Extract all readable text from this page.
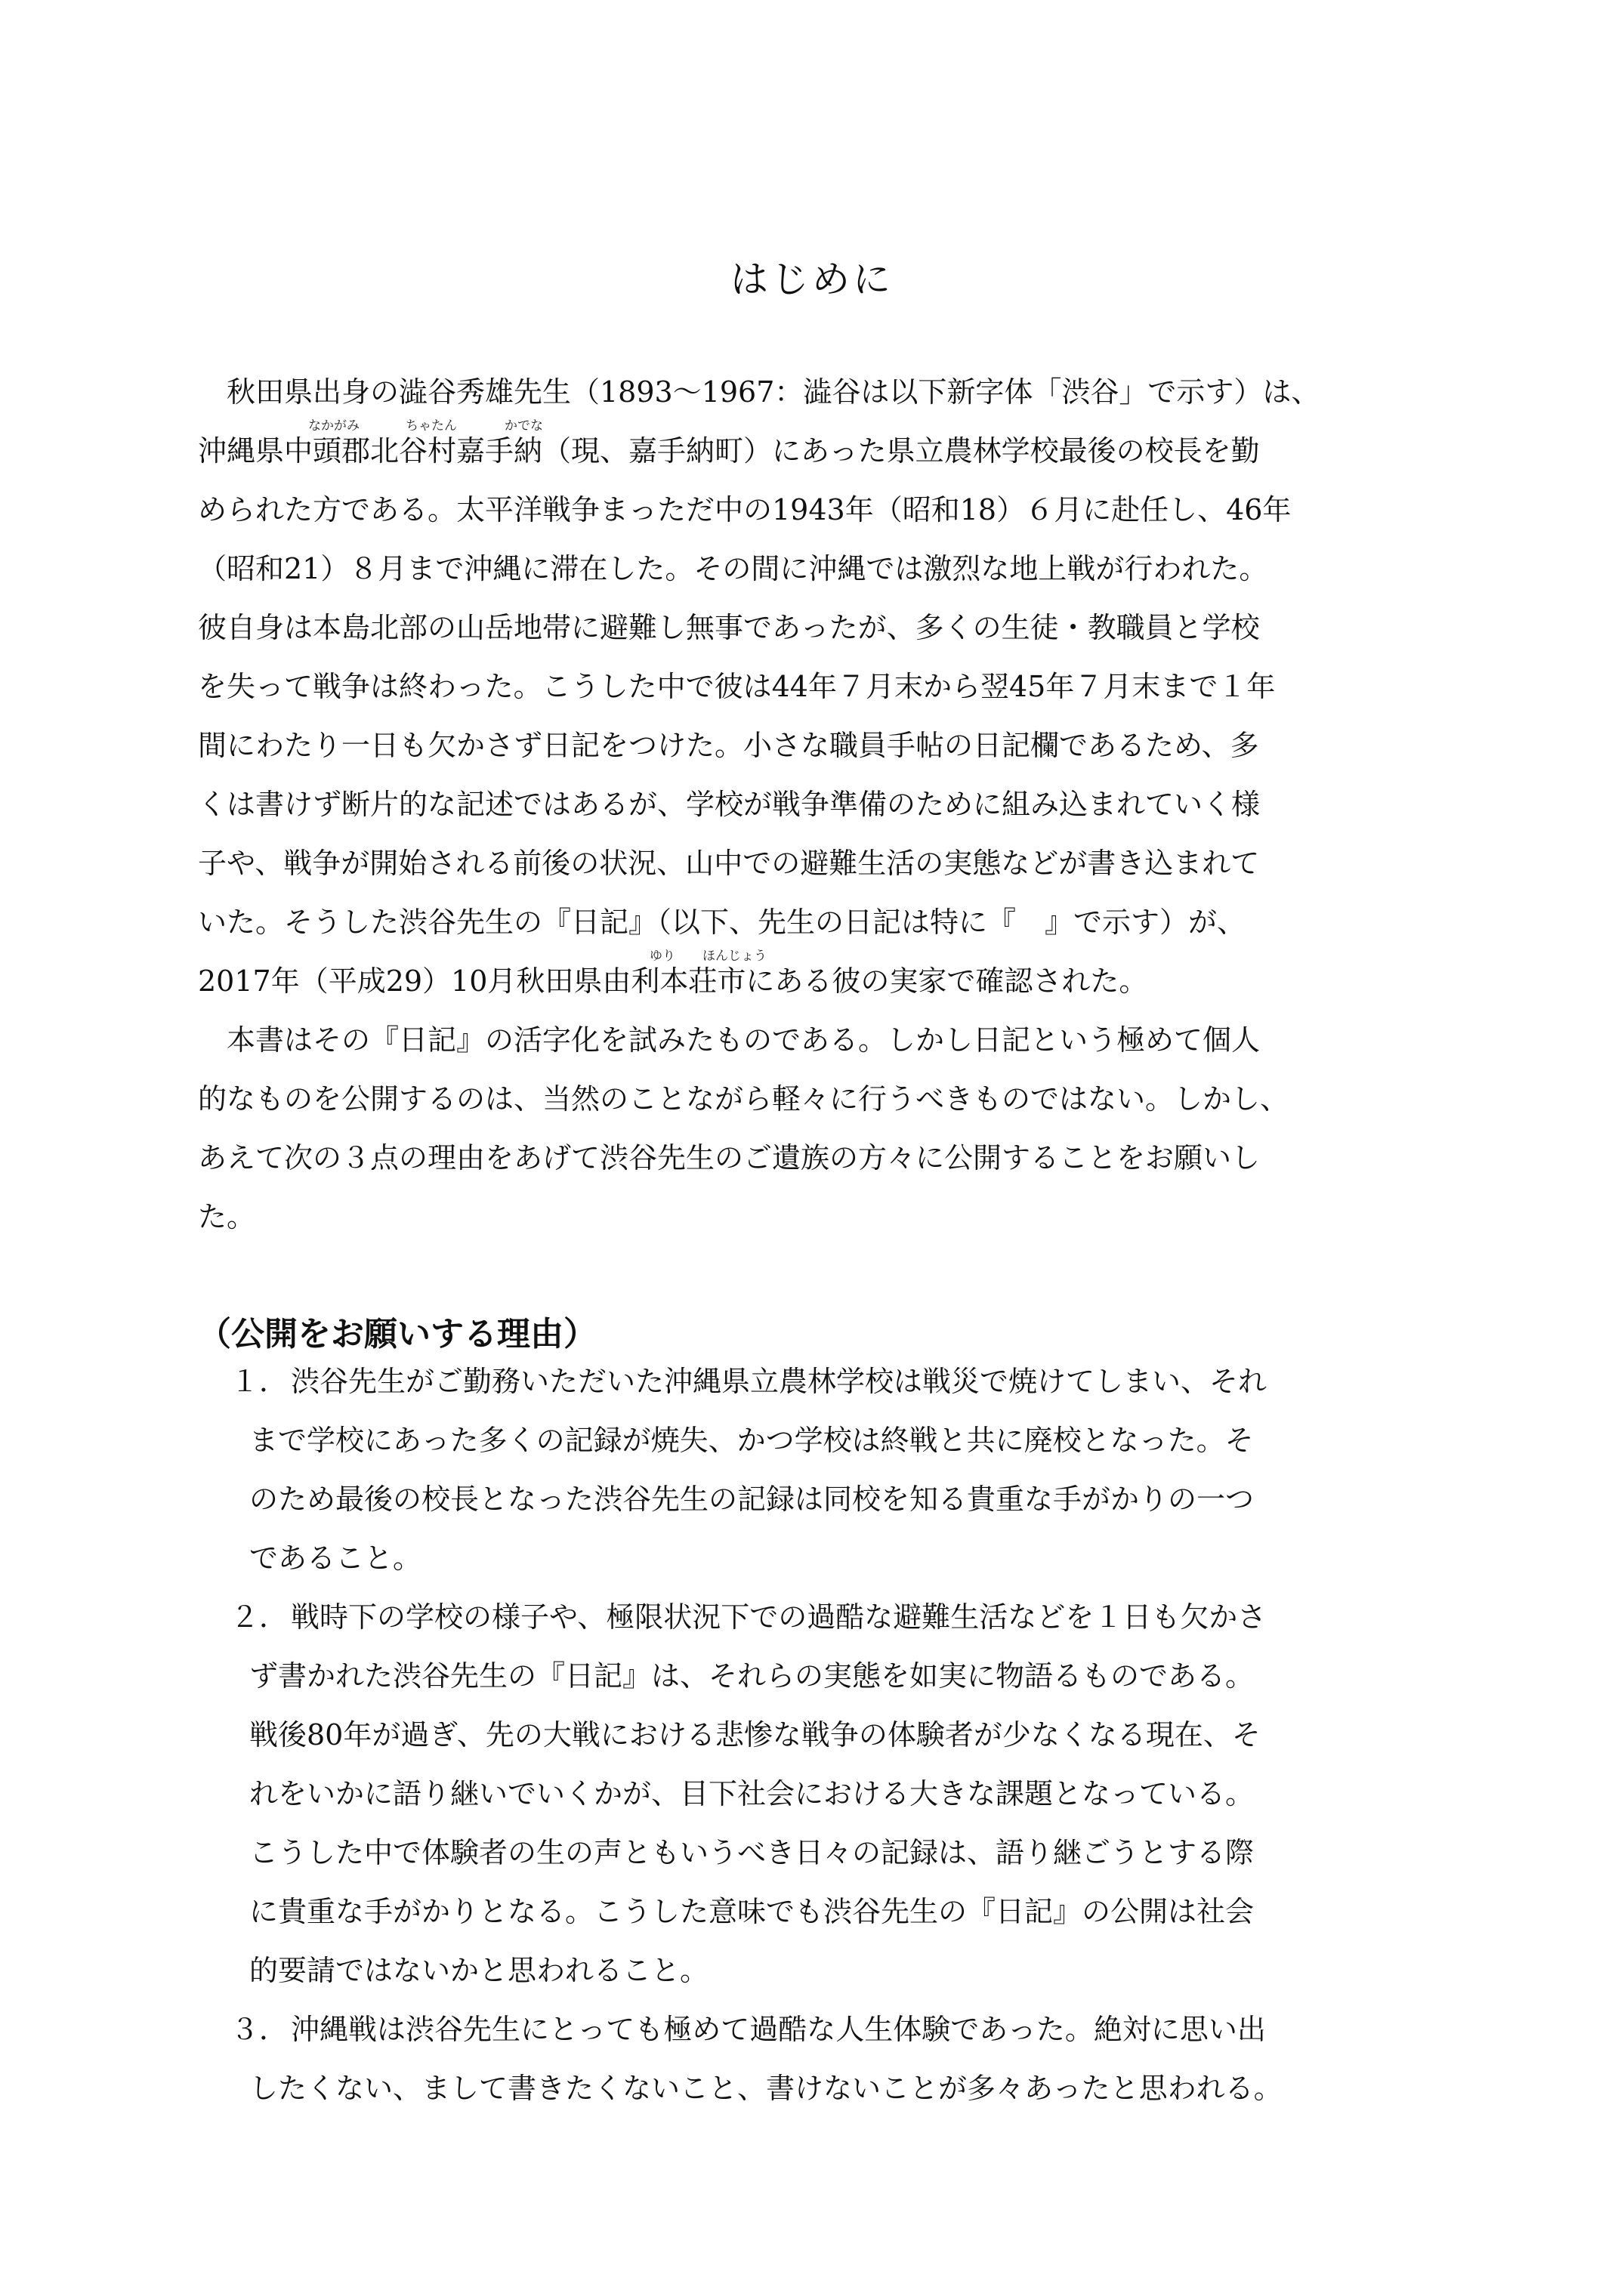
はじめに
　秋田県出身の澁谷秀雄先生（1893〜1967：澁谷は以下新字体「渋谷」で示す）は、
なかがみ	ちゃたん	かでな
沖縄県中頭郡北谷村嘉手納（現、嘉手納町）にあった県立農林学校最後の校長を勤
められた方である。太平洋戦争まっただ中の1943年（昭和18）６月に赴任し、46年
（昭和21）８月まで沖縄に滞在した。その間に沖縄では激烈な地上戦が行われた。
彼自身は本島北部の山岳地帯に避難し無事であったが、多くの生徒・教職員と学校
を失って戦争は終わった。こうした中で彼は44年７月末から翌45年７月末まで１年
間にわたり一日も欠かさず日記をつけた。小さな職員手帖の日記欄であるため、多
くは書けず断片的な記述ではあるが、学校が戦争準備のために組み込まれていく様
子や、戦争が開始される前後の状況、山中での避難生活の実態などが書き込まれて
いた。そうした渋谷先生の『日記』（以下、先生の日記は特に『　』で示す）が、
ゆり ほんじょう
2017年（平成29）10月秋田県由利本荘市にある彼の実家で確認された。
　本書はその『日記』の活字化を試みたものである。しかし日記という極めて個人
的なものを公開するのは、当然のことながら軽々に行うべきものではない。しかし、
あえて次の３点の理由をあげて渋谷先生のご遺族の方々に公開することをお願いし
た。
（公開をお願いする理由）
１． 渋谷先生がご勤務いただいた沖縄県立農林学校は戦災で焼けてしまい、それ
まで学校にあった多くの記録が焼失、かつ学校は終戦と共に廃校となった。そ
のため最後の校長となった渋谷先生の記録は同校を知る貴重な手がかりの一つ
であること。
２． 戦時下の学校の様子や、極限状況下での過酷な避難生活などを１日も欠かさ
ず書かれた渋谷先生の『日記』は、それらの実態を如実に物語るものである。
戦後80年が過ぎ、先の大戦における悲惨な戦争の体験者が少なくなる現在、そ
れをいかに語り継いでいくかが、目下社会における大きな課題となっている。
こうした中で体験者の生の声ともいうべき日々の記録は、語り継ごうとする際
に貴重な手がかりとなる。こうした意味でも渋谷先生の『日記』の公開は社会
的要請ではないかと思われること。
３． 沖縄戦は渋谷先生にとっても極めて過酷な人生体験であった。絶対に思い出
したくない、まして書きたくないこと、書けないことが多々あったと思われる。
